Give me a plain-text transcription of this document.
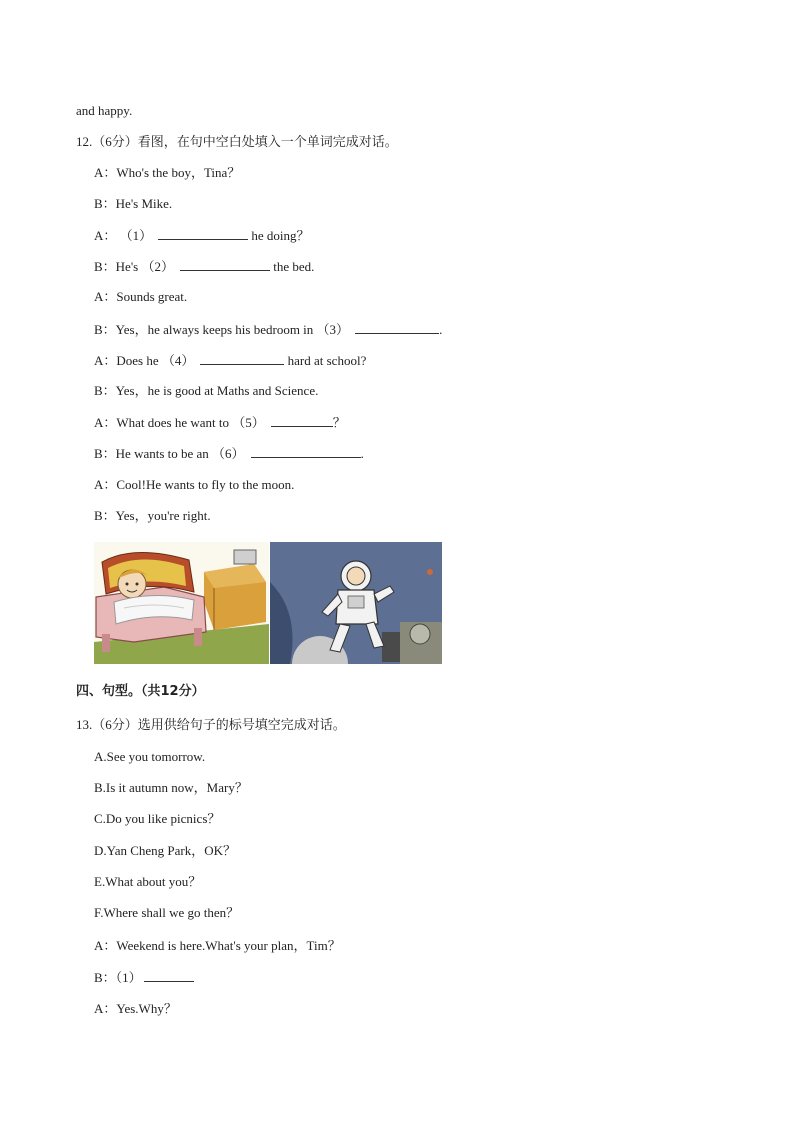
and happy.
12.（6分）看图，在句中空白处填入一个单词完成对话。
A：Who's the boy，Tina？
B：He's Mike.
A： （1）	he doing？
B：He's （2）	the bed.
A：Sounds great.
B：Yes，he always keeps his bedroom in （3）	.
A：Does he （4）	hard at school?
B：Yes，he is good at Maths and Science.
A：What does he want to （5）	？
B：He wants to be an （6）	.
A：Cool!He wants to fly to the moon.
B：Yes，you're right.
四、句型。（共12分）
13.（6分）选用供给句子的标号填空完成对话。
A.See you tomorrow.
B.Is it autumn now，Mary？
C.Do you like picnics？
D.Yan Cheng Park，OK？
E.What about you？
F.Where shall we go then？
A：Weekend is here.What's your plan，Tim？
B：（1）
A：Yes.Why？
